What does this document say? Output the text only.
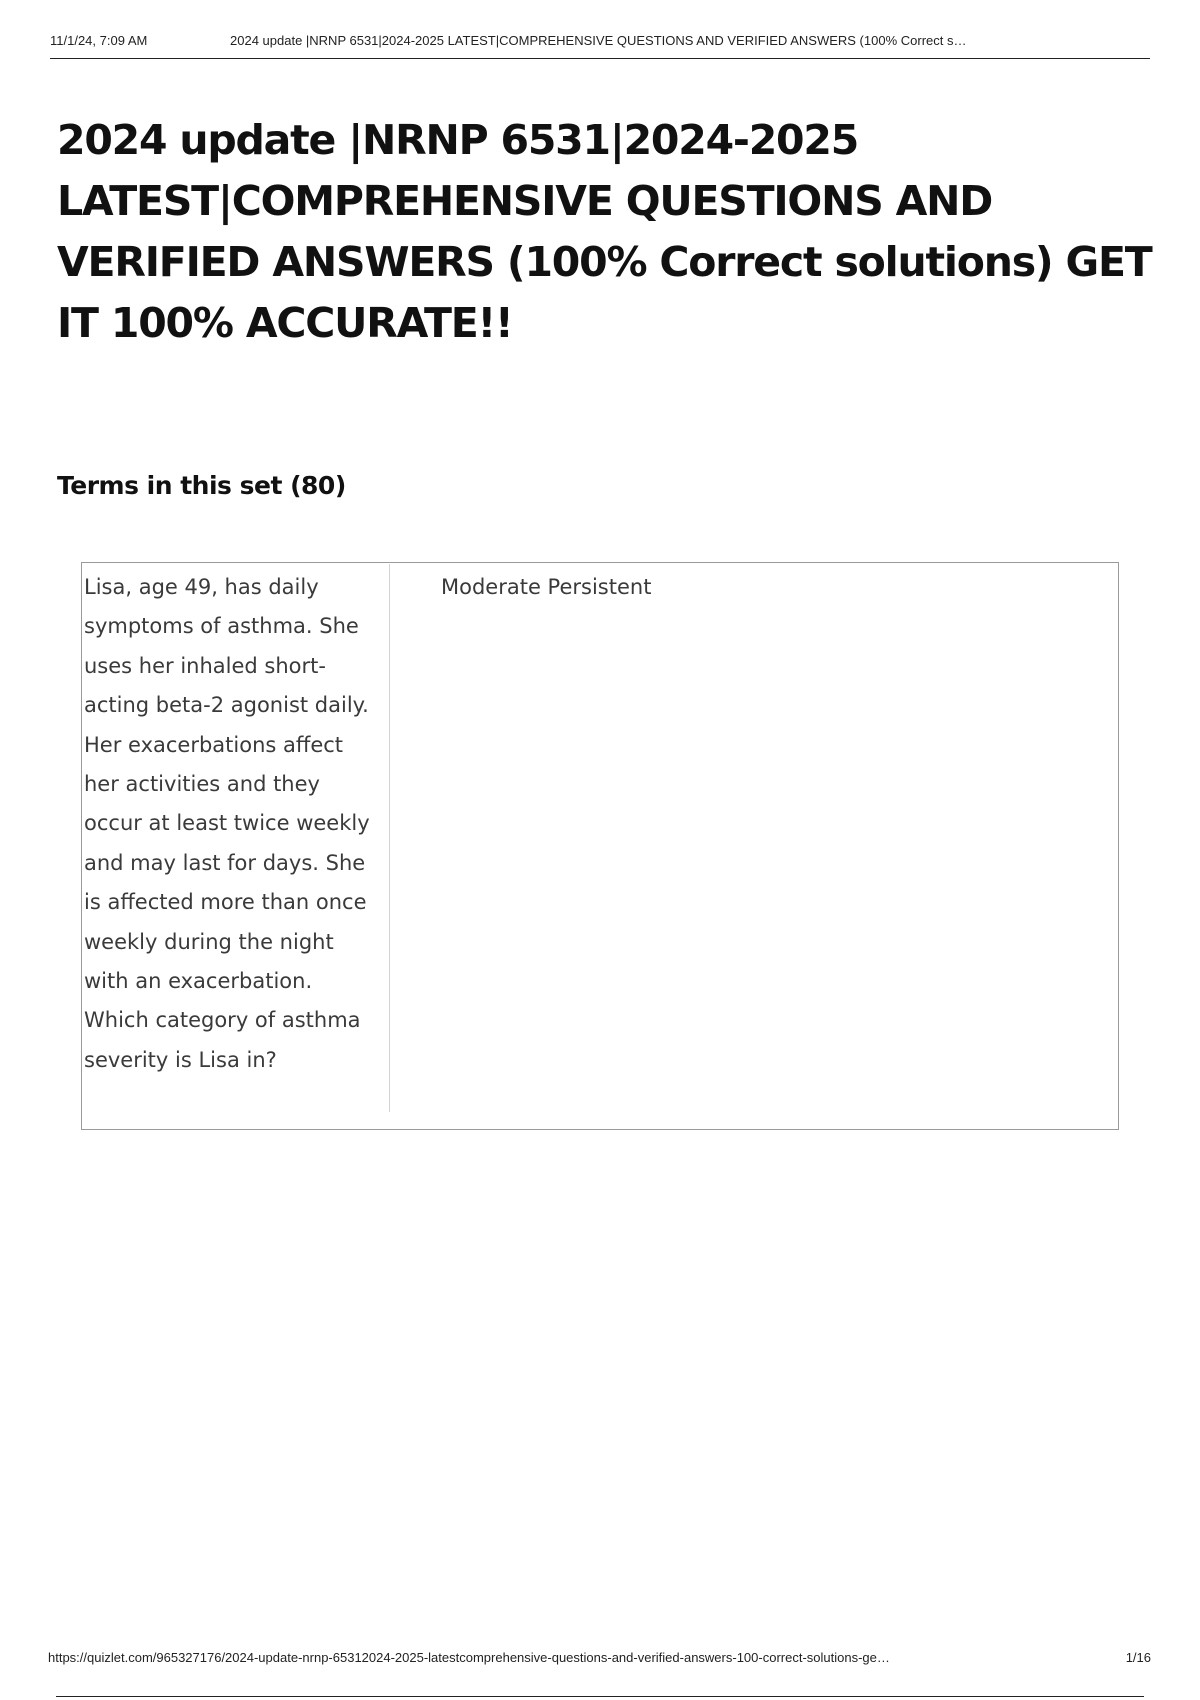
11/1/24, 7:09 AM	2024 update |NRNP 6531|2024-2025 LATEST|COMPREHENSIVE QUESTIONS AND VERIFIED ANSWERS (100% Correct s…
2024 update |NRNP 6531|2024-2025 LATEST|COMPREHENSIVE QUESTIONS AND VERIFIED ANSWERS (100% Correct solutions) GET IT 100% ACCURATE!!
Terms in this set (80)
Lisa, age 49, has daily symptoms of asthma. She uses her inhaled short-acting beta-2 agonist daily. Her exacerbations affect her activities and they occur at least twice weekly and may last for days. She is affected more than once weekly during the night with an exacerbation. Which category of asthma severity is Lisa in?
Moderate Persistent
https://quizlet.com/965327176/2024-update-nrnp-65312024-2025-latestcomprehensive-questions-and-verified-answers-100-correct-solutions-ge…	1/16
